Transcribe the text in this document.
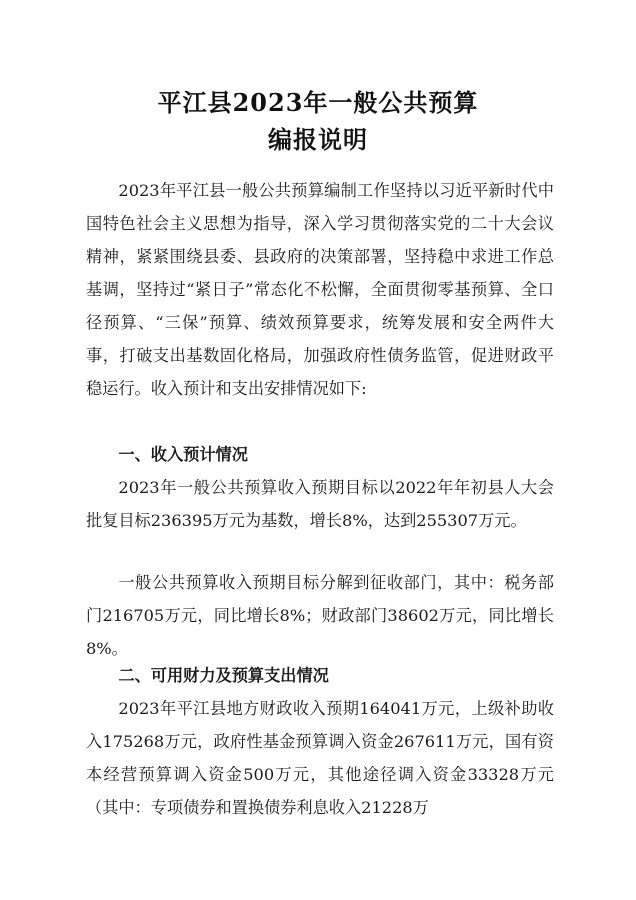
平江县2023年一般公共预算
编报说明

2023年平江县一般公共预算编制工作坚持以习近平新时代中国特色社会主义思想为指导，深入学习贯彻落实党的二十大会议精神，紧紧围绕县委、县政府的决策部署，坚持稳中求进工作总基调，坚持过“紧日子”常态化不松懈，全面贯彻零基预算、全口径预算、“三保”预算、绩效预算要求，统筹发展和安全两件大事，打破支出基数固化格局，加强政府性债务监管，促进财政平稳运行。收入预计和支出安排情况如下:

一、收入预计情况

2023年一般公共预算收入预期目标以2022年年初县人大会批复目标236395万元为基数，增长8%，达到255307万元。

一般公共预算收入预期目标分解到征收部门，其中：税务部门216705万元，同比增长8%；财政部门38602万元，同比增长8%。

二、可用财力及预算支出情况

2023年平江县地方财政收入预期164041万元，上级补助收入175268万元，政府性基金预算调入资金267611万元，国有资本经营预算调入资金500万元，其他途径调入资金33328万元（其中：专项债券和置换债券利息收入21228万
